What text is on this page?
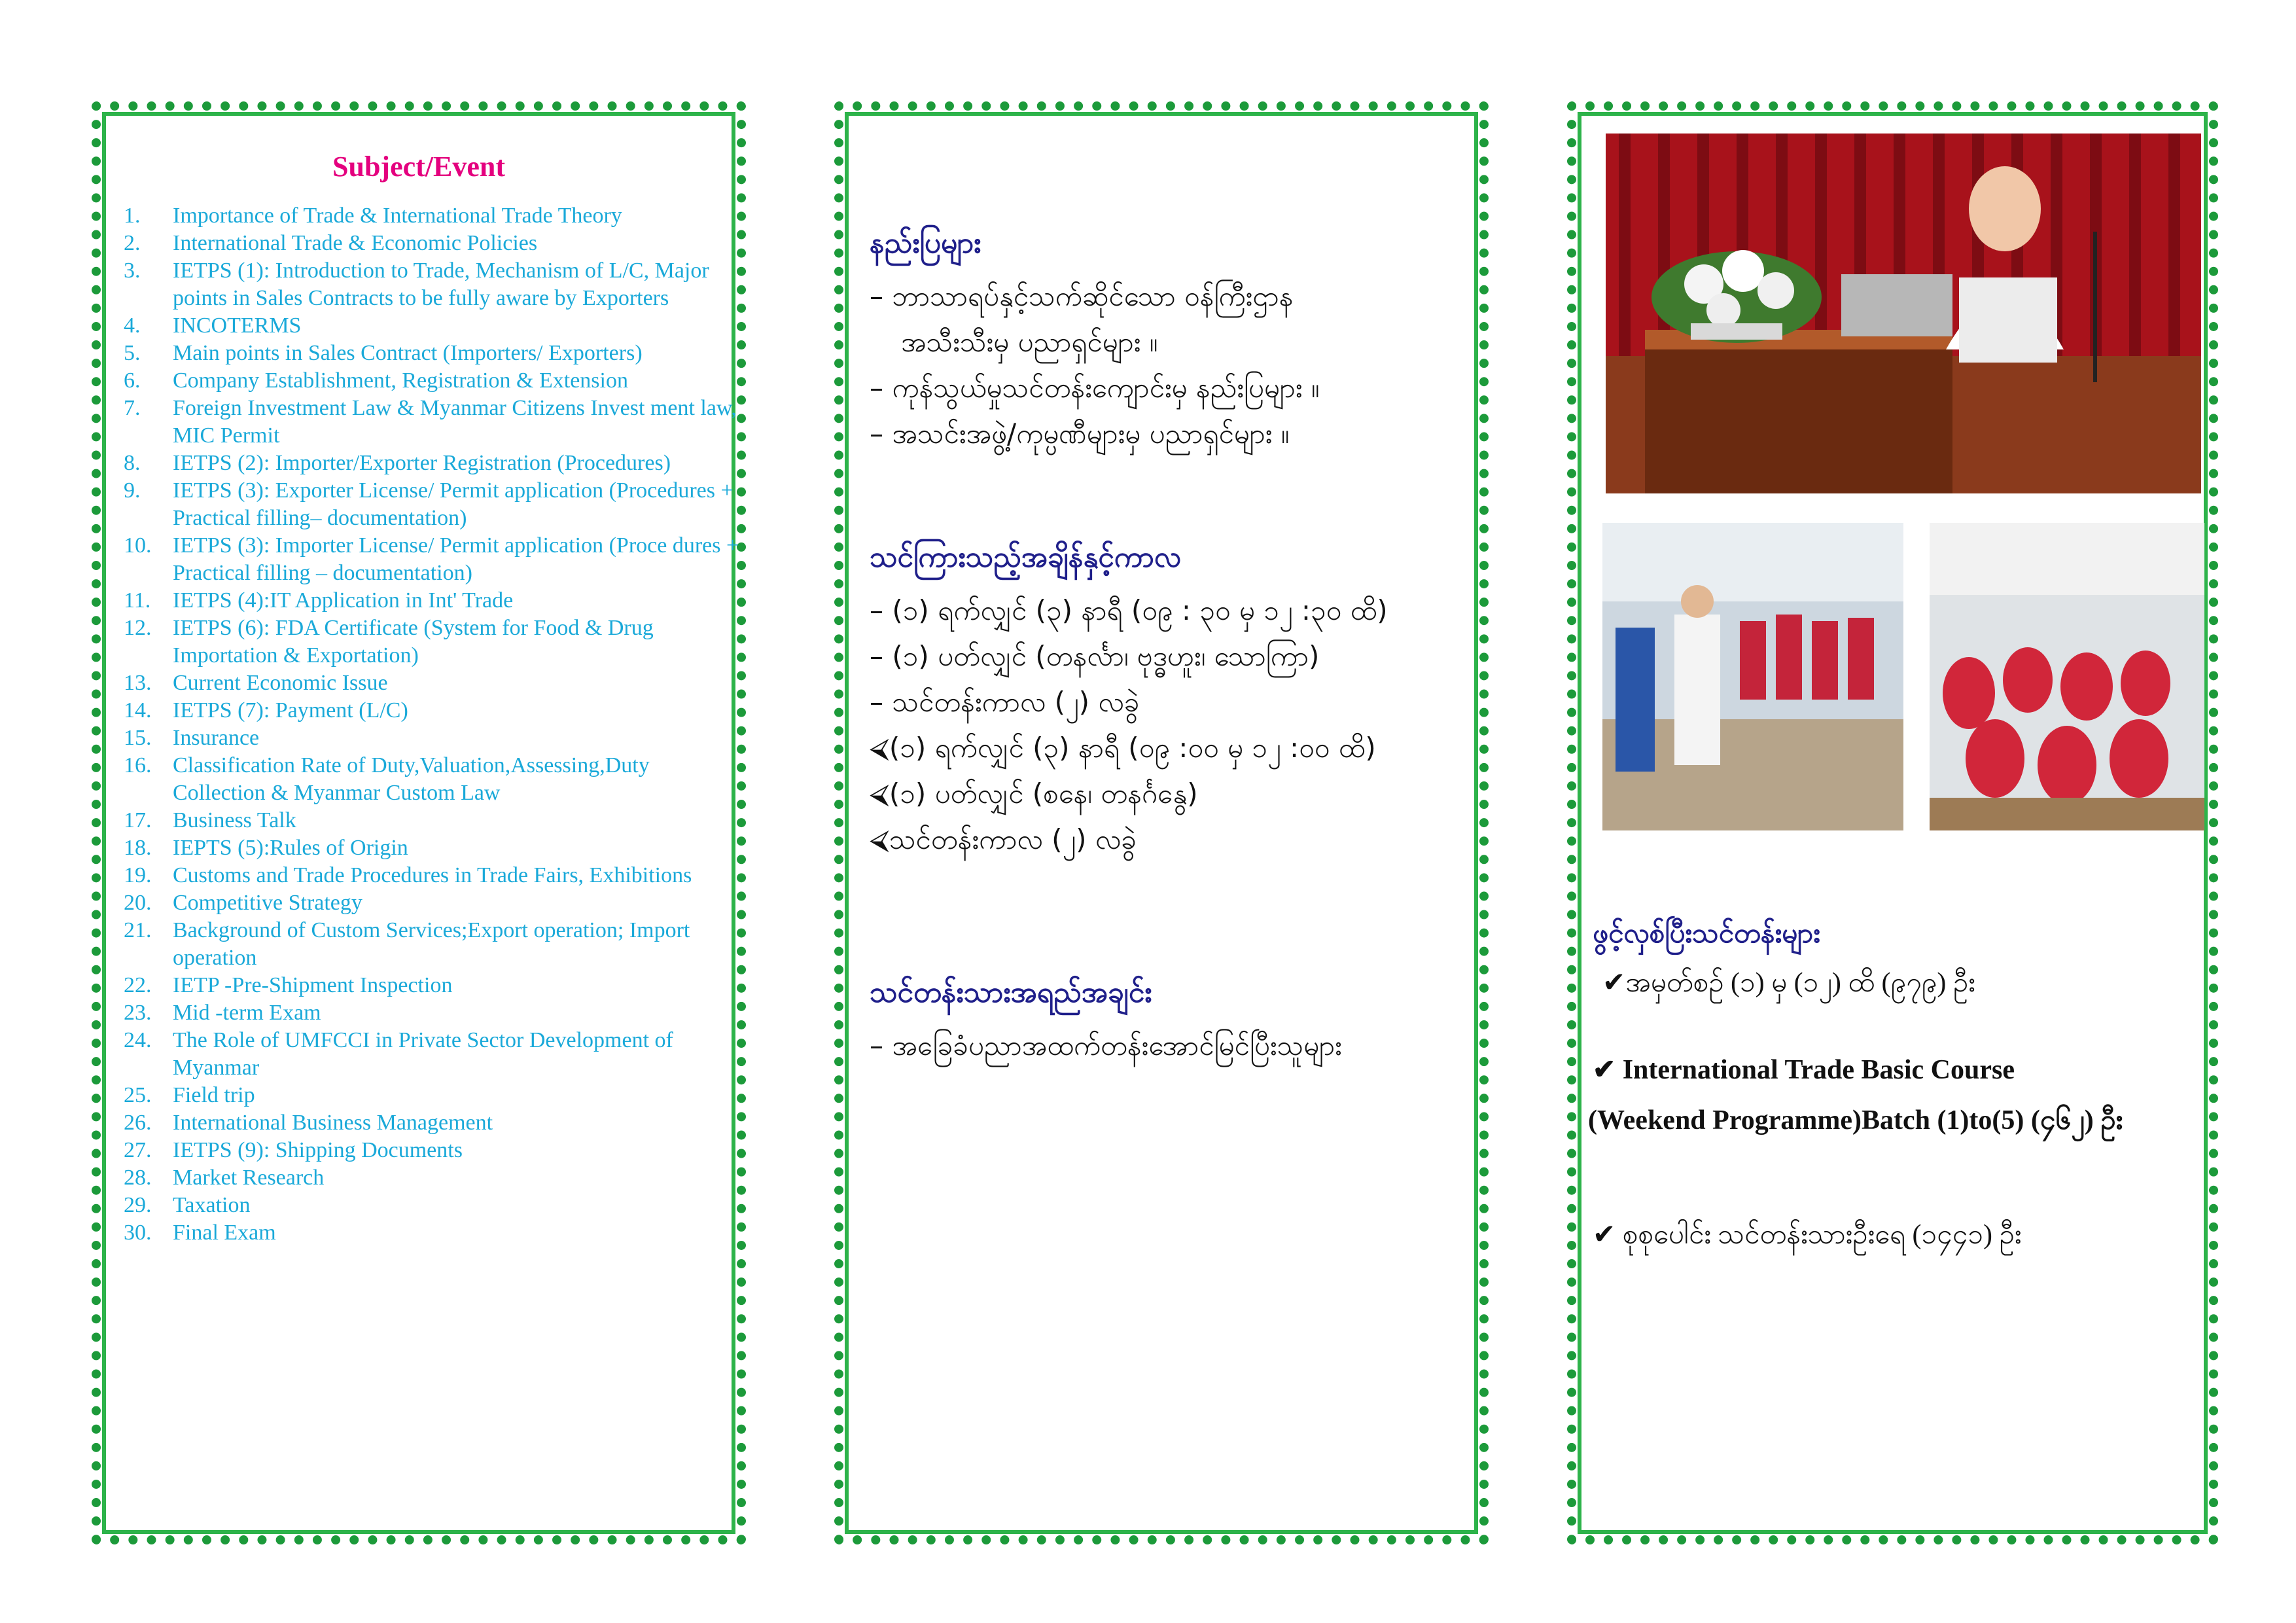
Subject/Event
1.	Importance of Trade & International Trade Theory
2.	International Trade & Economic Policies
3.	IETPS (1): Introduction to Trade, Mechanism of L/C, Major points in Sales Contracts to be fully aware by Exporters
4.	INCOTERMS
5.	Main points in Sales Contract (Importers/ Exporters)
6.	Company Establishment, Registration & Extension
7.	Foreign Investment Law & Myanmar Citizens Invest ment law, MIC Permit
8.	IETPS (2): Importer/Exporter Registration (Procedures)
9.	IETPS (3): Exporter License/ Permit application (Procedures + Practical filling– documentation)
10. IETPS (3): Importer License/ Permit application (Proce dures + Practical filling – documentation)
11. IETPS (4):IT Application in Int' Trade
12. IETPS (6): FDA Certificate (System for Food & Drug Importation & Exportation)
13. Current Economic Issue
14. IETPS (7): Payment (L/C)
15. Insurance
16. Classification Rate of Duty,Valuation,Assessing,Duty Collection & Myanmar Custom Law
17. Business Talk
18. IEPTS (5):Rules of Origin
19. Customs and Trade Procedures in Trade Fairs, Exhibitions
20. Competitive Strategy
21. Background of Custom Services;Export operation; Import operation
22. IETP -Pre-Shipment Inspection
23. Mid -term Exam
24. The Role of UMFCCI in Private Sector Development of Myanmar
25. Field trip
26. International Business Management
27. IETPS (9): Shipping Documents
28. Market Research
29. Taxation
30. Final Exam
နည်းပြများ
– ဘာသာရပ်နှင့်သက်ဆိုင်သော ဝန်ကြီးဌာန
အသီးသီးမှ ပညာရှင်များ ။
– ကုန်သွယ်မှုသင်တန်းကျောင်းမှ နည်းပြများ ။
– အသင်းအဖွဲ့/ကုမ္ပဏီများမှ ပညာရှင်များ ။
သင်ကြားသည့်အချိန်နှင့်ကာလ
– (၁) ရက်လျှင် (၃) နာရီ (၀၉ : ၃၀ မှ ၁၂ :၃၀ ထိ)
– (၁) ပတ်လျှင် (တနင်္လာ၊ ဗုဒ္ဓဟူး၊ သောကြာ)
– သင်တန်းကာလ (၂) လခွဲ
⮘(၁) ရက်လျှင် (၃) နာရီ (၀၉ :၀၀ မှ ၁၂ :၀၀ ထိ)
⮘(၁) ပတ်လျှင် (စနေ၊ တနင်္ဂနွေ)
⮘သင်တန်းကာလ (၂) လခွဲ
သင်တန်းသားအရည်အချင်း
– အခြေခံပညာအထက်တန်းအောင်မြင်ပြီးသူများ
ဖွင့်လှစ်ပြီးသင်တန်းများ
✔အမှတ်စဉ် (၁) မှ (၁၂) ထိ (၉၇၉) ဦး
✔ International Trade Basic Course
(Weekend Programme)Batch (1)to(5) (၄၆၂) ဦး
✔ စုစုပေါင်း သင်တန်းသားဦးရေ (၁၄၄၁) ဦး
